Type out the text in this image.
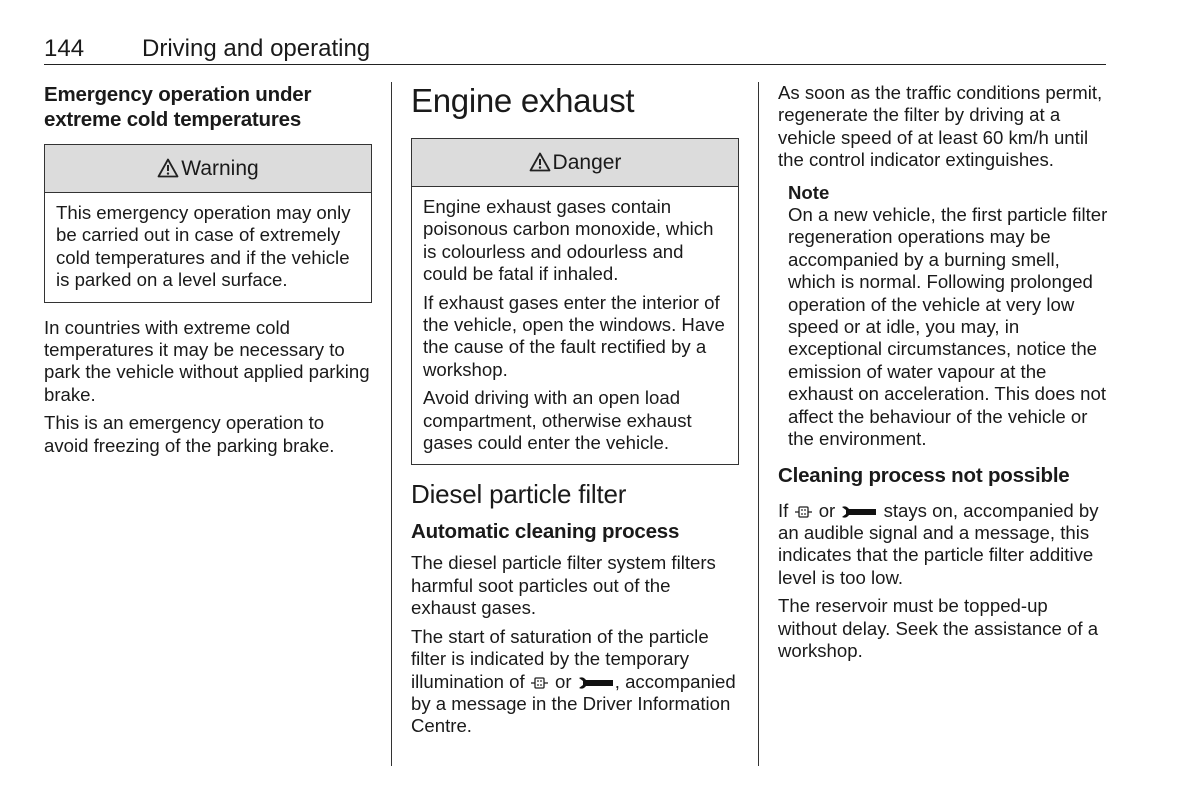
144 Driving and operating
Emergency operation under extreme cold temperatures
Warning

This emergency operation may only be carried out in case of extremely cold temperatures and if the vehicle is parked on a level surface.

In countries with extreme cold temperatures it may be necessary to park the vehicle without applied parking brake.

This is an emergency operation to avoid freezing of the parking brake.

Engine exhaust
Danger

Engine exhaust gases contain poisonous carbon monoxide, which is colourless and odourless and could be fatal if inhaled.

If exhaust gases enter the interior of the vehicle, open the windows. Have the cause of the fault rectified by a workshop.

Avoid driving with an open load compartment, otherwise exhaust gases could enter the vehicle.

Diesel particle filter
Automatic cleaning process

The diesel particle filter system filters harmful soot particles out of the exhaust gases.

The start of saturation of the particle filter is indicated by the temporary illumination of or , accompanied by a message in the Driver Information Centre.

As soon as the traffic conditions permit, regenerate the filter by driving at a vehicle speed of at least 60 km/h until the control indicator extinguishes.

Note

On a new vehicle, the first particle filter regeneration operations may be accompanied by a burning smell, which is normal. Following prolonged operation of the vehicle at very low speed or at idle, you may, in exceptional circumstances, notice the emission of water vapour at the exhaust on acceleration. This does not affect the behaviour of the vehicle or the environment.

Cleaning process not possible

If or	stays on, accompanied by an audible signal and a message, this indicates that the particle filter additive level is too low.

The reservoir must be topped-up without delay. Seek the assistance of a workshop.
